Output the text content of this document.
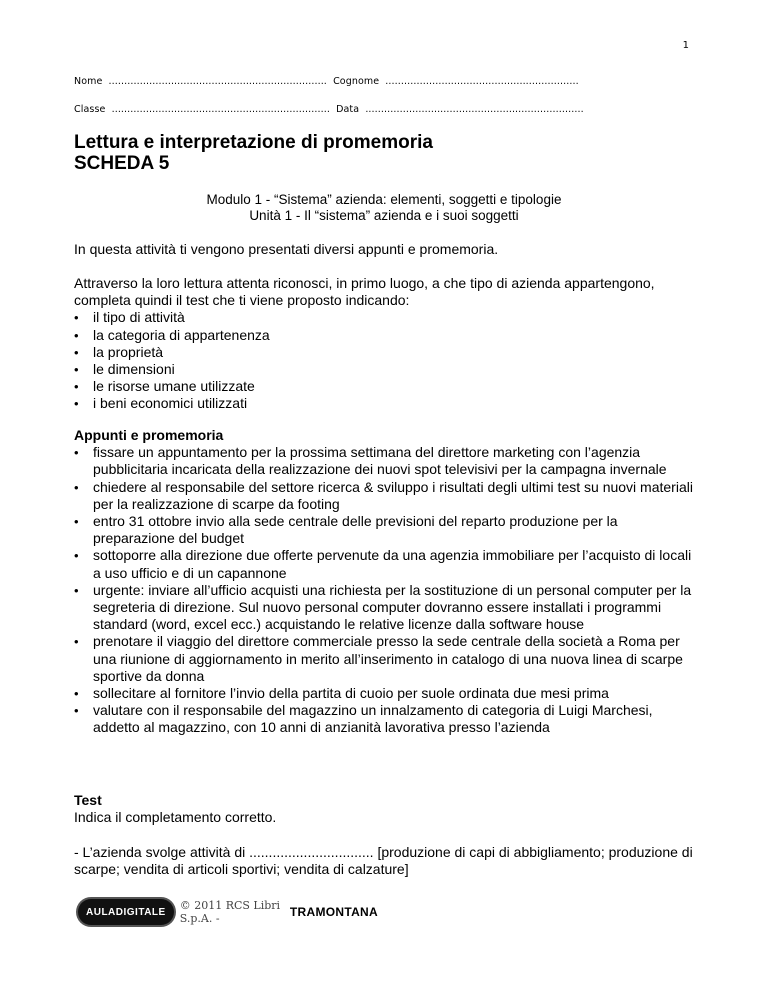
1
Nome ...................................................................... Cognome ..............................................................
Classe ...................................................................... Data ......................................................................
Lettura e interpretazione di promemoria
SCHEDA 5
Modulo 1 - “Sistema” azienda: elementi, soggetti e tipologie
Unità 1 - Il “sistema” azienda e i suoi soggetti

In questa attività ti vengono presentati diversi appunti e promemoria.

Attraverso la loro lettura attenta riconosci, in primo luogo, a che tipo di azienda appartengono, completa quindi il test che ti viene proposto indicando:

• il tipo di attività
• la categoria di appartenenza
• la proprietà
• le dimensioni
• le risorse umane utilizzate
• i beni economici utilizzati

Appunti e promemoria

• fissare un appuntamento per la prossima settimana del direttore marketing con l’agenzia pubblicitaria incaricata della realizzazione dei nuovi spot televisivi per la campagna invernale
• chiedere al responsabile del settore ricerca & sviluppo i risultati degli ultimi test su nuovi materiali per la realizzazione di scarpe da footing
• entro 31 ottobre invio alla sede centrale delle previsioni del reparto produzione per la preparazione del budget
• sottoporre alla direzione due offerte pervenute da una agenzia immobiliare per l’acquisto di locali a uso ufficio e di un capannone
• urgente: inviare all’ufficio acquisti una richiesta per la sostituzione di un personal computer per la segreteria di direzione. Sul nuovo personal computer dovranno essere installati i programmi standard (word, excel ecc.) acquistando le relative licenze dalla software house
• prenotare il viaggio del direttore commerciale presso la sede centrale della società a Roma per una riunione di aggiornamento in merito all’inserimento in catalogo di una nuova linea di scarpe sportive da donna
• sollecitare al fornitore l’invio della partita di cuoio per suole ordinata due mesi prima
• valutare con il responsabile del magazzino un innalzamento di categoria di Luigi Marchesi, addetto al magazzino, con 10 anni di anzianità lavorativa presso l’azienda

Test

Indica il completamento corretto.

- L’azienda svolge attività di ................................ [produzione di capi di abbigliamento; produzione di scarpe; vendita di articoli sportivi; vendita di calzature]

AULADIGITALE	© 2011 RCS Libri S.p.A. -	TRAMONTANA
